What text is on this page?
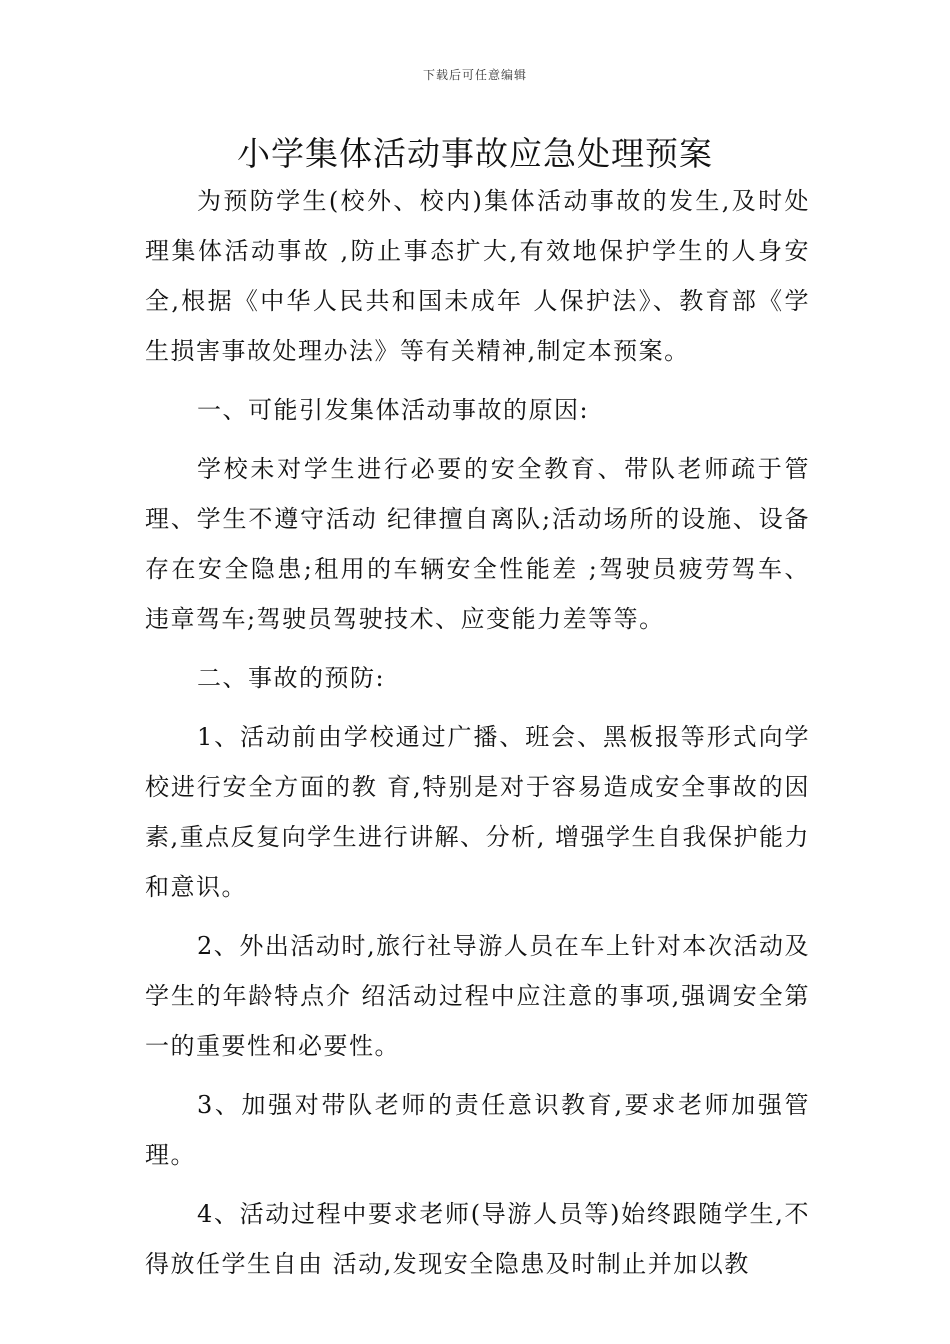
下载后可任意编辑
小学集体活动事故应急处理预案

为预防学生(校外、校内)集体活动事故的发生,及时处理集体活动事故 ,防止事态扩大,有效地保护学生的人身安全,根据《中华人民共和国未成年 人保护法》、教育部《学生损害事故处理办法》等有关精神,制定本预案。

一、可能引发集体活动事故的原因:

学校未对学生进行必要的安全教育、带队老师疏于管理、学生不遵守活动 纪律擅自离队;活动场所的设施、设备存在安全隐患;租用的车辆安全性能差 ;驾驶员疲劳驾车、违章驾车;驾驶员驾驶技术、应变能力差等等。

二、事故的预防:

1、活动前由学校通过广播、班会、黑板报等形式向学校进行安全方面的教 育,特别是对于容易造成安全事故的因素,重点反复向学生进行讲解、分析, 增强学生自我保护能力和意识。

2、外出活动时,旅行社导游人员在车上针对本次活动及学生的年龄特点介 绍活动过程中应注意的事项,强调安全第一的重要性和必要性。

3、加强对带队老师的责任意识教育,要求老师加强管理。

4、活动过程中要求老师(导游人员等)始终跟随学生,不得放任学生自由 活动,发现安全隐患及时制止并加以教
